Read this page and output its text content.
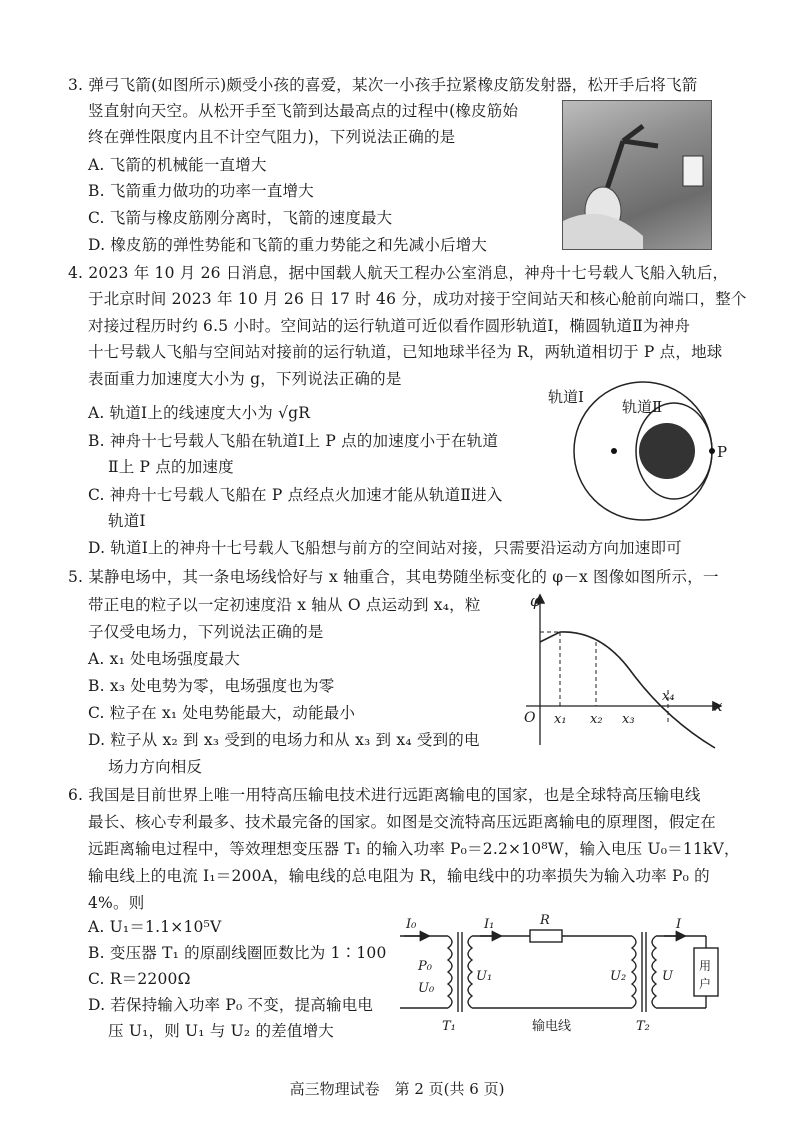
3. 弹弓飞箭(如图所示)颇受小孩的喜爱，某次一小孩手拉紧橡皮筋发射器，松开手后将飞箭
竖直射向天空。从松开手至飞箭到达最高点的过程中(橡皮筋始
终在弹性限度内且不计空气阻力)，下列说法正确的是
A. 飞箭的机械能一直增大
B. 飞箭重力做功的功率一直增大
C. 飞箭与橡皮筋刚分离时，飞箭的速度最大
D. 橡皮筋的弹性势能和飞箭的重力势能之和先减小后增大
4. 2023 年 10 月 26 日消息，据中国载人航天工程办公室消息，神舟十七号载人飞船入轨后，
于北京时间 2023 年 10 月 26 日 17 时 46 分，成功对接于空间站天和核心舱前向端口，整个
对接过程历时约 6.5 小时。空间站的运行轨道可近似看作圆形轨道Ⅰ，椭圆轨道Ⅱ为神舟
十七号载人飞船与空间站对接前的运行轨道，已知地球半径为 R，两轨道相切于 P 点，地球
表面重力加速度大小为 g，下列说法正确的是
A. 轨道Ⅰ上的线速度大小为 √gR
B. 神舟十七号载人飞船在轨道Ⅰ上 P 点的加速度小于在轨道
Ⅱ上 P 点的加速度
C. 神舟十七号载人飞船在 P 点经点火加速才能从轨道Ⅱ进入
轨道Ⅰ
D. 轨道Ⅰ上的神舟十七号载人飞船想与前方的空间站对接，只需要沿运动方向加速即可
轨道Ⅰ
轨道Ⅱ
P
5. 某静电场中，其一条电场线恰好与 x 轴重合，其电势随坐标变化的 φ－x 图像如图所示，一
带正电的粒子以一定初速度沿 x 轴从 O 点运动到 x₄，粒
子仅受电场力，下列说法正确的是
A. x₁ 处电场强度最大
B. x₃ 处电势为零，电场强度也为零
C. 粒子在 x₁ 处电势能最大，动能最小
D. 粒子从 x₂ 到 x₃ 受到的电场力和从 x₃ 到 x₄ 受到的电
场力方向相反
φ
x
O x₁ x₂ x₃
x₄
6. 我国是目前世界上唯一用特高压输电技术进行远距离输电的国家，也是全球特高压输电线
最长、核心专利最多、技术最完备的国家。如图是交流特高压远距离输电的原理图，假定在
远距离输电过程中，等效理想变压器 T₁ 的输入功率 P₀＝2.2×10⁸W，输入电压 U₀＝11kV，
输电线上的电流 I₁＝200A，输电线的总电阻为 R，输电线中的功率损失为输入功率 P₀ 的
4%。则
A. U₁＝1.1×10⁵V
B. 变压器 T₁ 的原副线圈匝数比为 1∶100
C. R＝2200Ω
D. 若保持输入功率 P₀ 不变，提高输电电
压 U₁，则 U₁ 与 U₂ 的差值增大
I₀	I₁	R	I
P₀
U₀
U₁	U₂	U
T₁	输电线	T₂
用
户
高三物理试卷　第 2 页(共 6 页)
